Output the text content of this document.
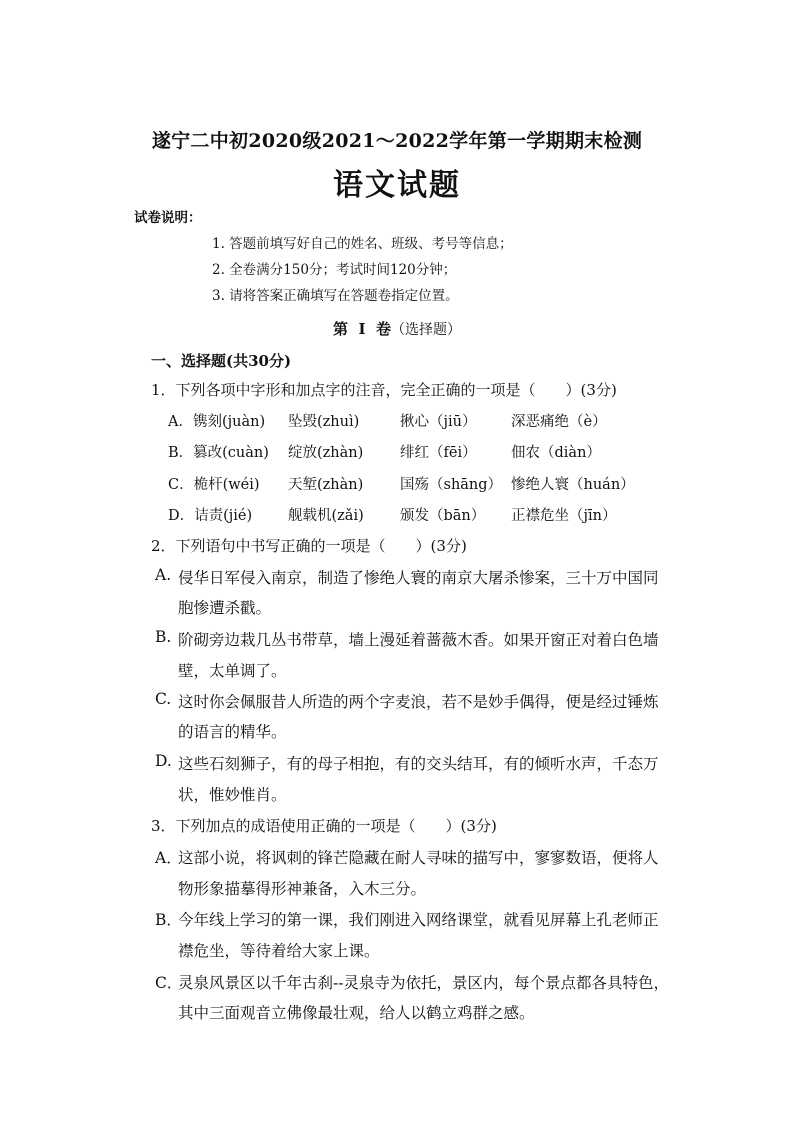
遂宁二中初2020级2021～2022学年第一学期期末检测
语文试题
试卷说明：
1. 答题前填写好自己的姓名、班级、考号等信息；
2. 全卷满分150分；考试时间120分钟；
3. 请将答案正确填写在答题卷指定位置。
第  Ⅰ  卷（选择题）
一、选择题(共30分)
1．下列各项中字形和加点字的注音，完全正确的一项是（　　）(3分)
A．镌刻(juàn) 坠毁(zhuì)	揪心（jiū） 深恶痛绝（è）
B．篡改(cuàn) 绽放(zhàn)	绯红（fēi） 佃农（diàn）
C．桅杆(wéi) 天堑(zhàn)	国殇（shāng） 惨绝人寰（huán）
D．诘责(jié) 舰载机(zǎi)	颁发（bān） 正襟危坐（jīn）
2．下列语句中书写正确的一项是（　　）(3分)
A. 侵华日军侵入南京，制造了惨绝人寰的南京大屠杀惨案，三十万中国同
胞惨遭杀戳。
B. 阶砌旁边栽几丛书带草，墙上漫延着蔷薇木香。如果开窗正对着白色墙
壁，太单调了。
C. 这时你会佩服昔人所造的两个字麦浪，若不是妙手偶得，便是经过锤炼
的语言的精华。
D. 这些石刻狮子，有的母子相抱，有的交头结耳，有的倾听水声，千态万
状，惟妙惟肖。
3．下列加点的成语使用正确的一项是（　　）(3分)
A．
这部小说，将讽刺的锋芒隐藏在耐人寻味的描写中，寥寥数语，便将人
物形象描摹得形神兼备，入木三分。
B．
今年线上学习的第一课，我们刚进入网络课堂，就看见屏幕上孔老师正
襟危坐，等待着给大家上课。
C．
灵泉风景区以千年古刹--灵泉寺为依托，景区内，每个景点都各具特色，
其中三面观音立佛像最壮观，给人以鹤立鸡群之感。
